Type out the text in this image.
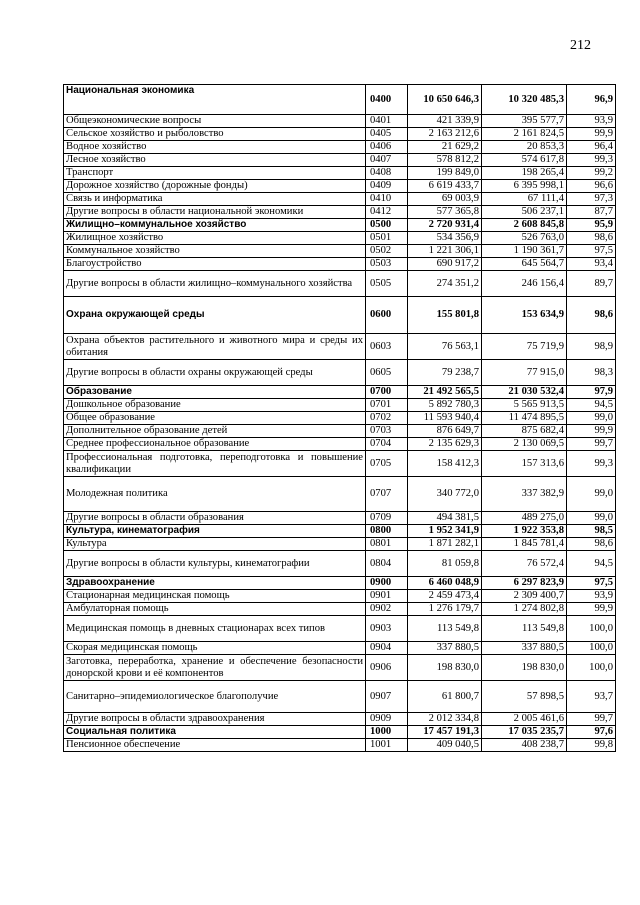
212
Национальная экономика	0400	10 650 646,3	10 320 485,3	96,9
Общеэкономические вопросы	0401	421 339,9	395 577,7	93,9
Сельское хозяйство и рыболовство	0405	2 163 212,6	2 161 824,5	99,9
Водное хозяйство	0406	21 629,2	20 853,3	96,4
Лесное хозяйство	0407	578 812,2	574 617,8	99,3
Транспорт	0408	199 849,0	198 265,4	99,2
Дорожное хозяйство (дорожные фонды)	0409	6 619 433,7	6 395 998,1	96,6
Связь и информатика	0410	69 003,9	67 111,4	97,3
Другие вопросы в области национальной экономики	0412	577 365,8	506 237,1	87,7
Жилищно–коммунальное хозяйство	0500	2 720 931,4	2 608 845,8	95,9
Жилищное хозяйство	0501	534 356,9	526 763,0	98,6
Коммунальное хозяйство	0502	1 221 306,1	1 190 361,7	97,5
Благоустройство	0503	690 917,2	645 564,7	93,4
Другие вопросы в области жилищно–коммунального хозяйства	0505	274 351,2	246 156,4	89,7
Охрана окружающей среды	0600	155 801,8	153 634,9	98,6
Охрана объектов растительного и животного мира и среды их обитания	0603	76 563,1	75 719,9	98,9
Другие вопросы в области охраны окружающей среды	0605	79 238,7	77 915,0	98,3
Образование	0700	21 492 565,5	21 030 532,4	97,9
Дошкольное образование	0701	5 892 780,3	5 565 913,5	94,5
Общее образование	0702	11 593 940,4	11 474 895,5	99,0
Дополнительное образование детей	0703	876 649,7	875 682,4	99,9
Среднее профессиональное образование	0704	2 135 629,3	2 130 069,5	99,7
Профессиональная подготовка, переподготовка и повышение квалификации	0705	158 412,3	157 313,6	99,3
Молодежная политика	0707	340 772,0	337 382,9	99,0
Другие вопросы в области образования	0709	494 381,5	489 275,0	99,0
Культура, кинематография	0800	1 952 341,9	1 922 353,8	98,5
Культура	0801	1 871 282,1	1 845 781,4	98,6
Другие вопросы в области культуры, кинематографии	0804	81 059,8	76 572,4	94,5
Здравоохранение	0900	6 460 048,9	6 297 823,9	97,5
Стационарная медицинская помощь	0901	2 459 473,4	2 309 400,7	93,9
Амбулаторная помощь	0902	1 276 179,7	1 274 802,8	99,9
Медицинская помощь в дневных стационарах всех типов	0903	113 549,8	113 549,8	100,0
Скорая медицинская помощь	0904	337 880,5	337 880,5	100,0
Заготовка, переработка, хранение и обеспечение безопасности донорской крови и её компонентов	0906	198 830,0	198 830,0	100,0
Санитарно–эпидемиологическое благополучие	0907	61 800,7	57 898,5	93,7
Другие вопросы в области здравоохранения	0909	2 012 334,8	2 005 461,6	99,7
Социальная политика	1000	17 457 191,3	17 035 235,7	97,6
Пенсионное обеспечение	1001	409 040,5	408 238,7	99,8
